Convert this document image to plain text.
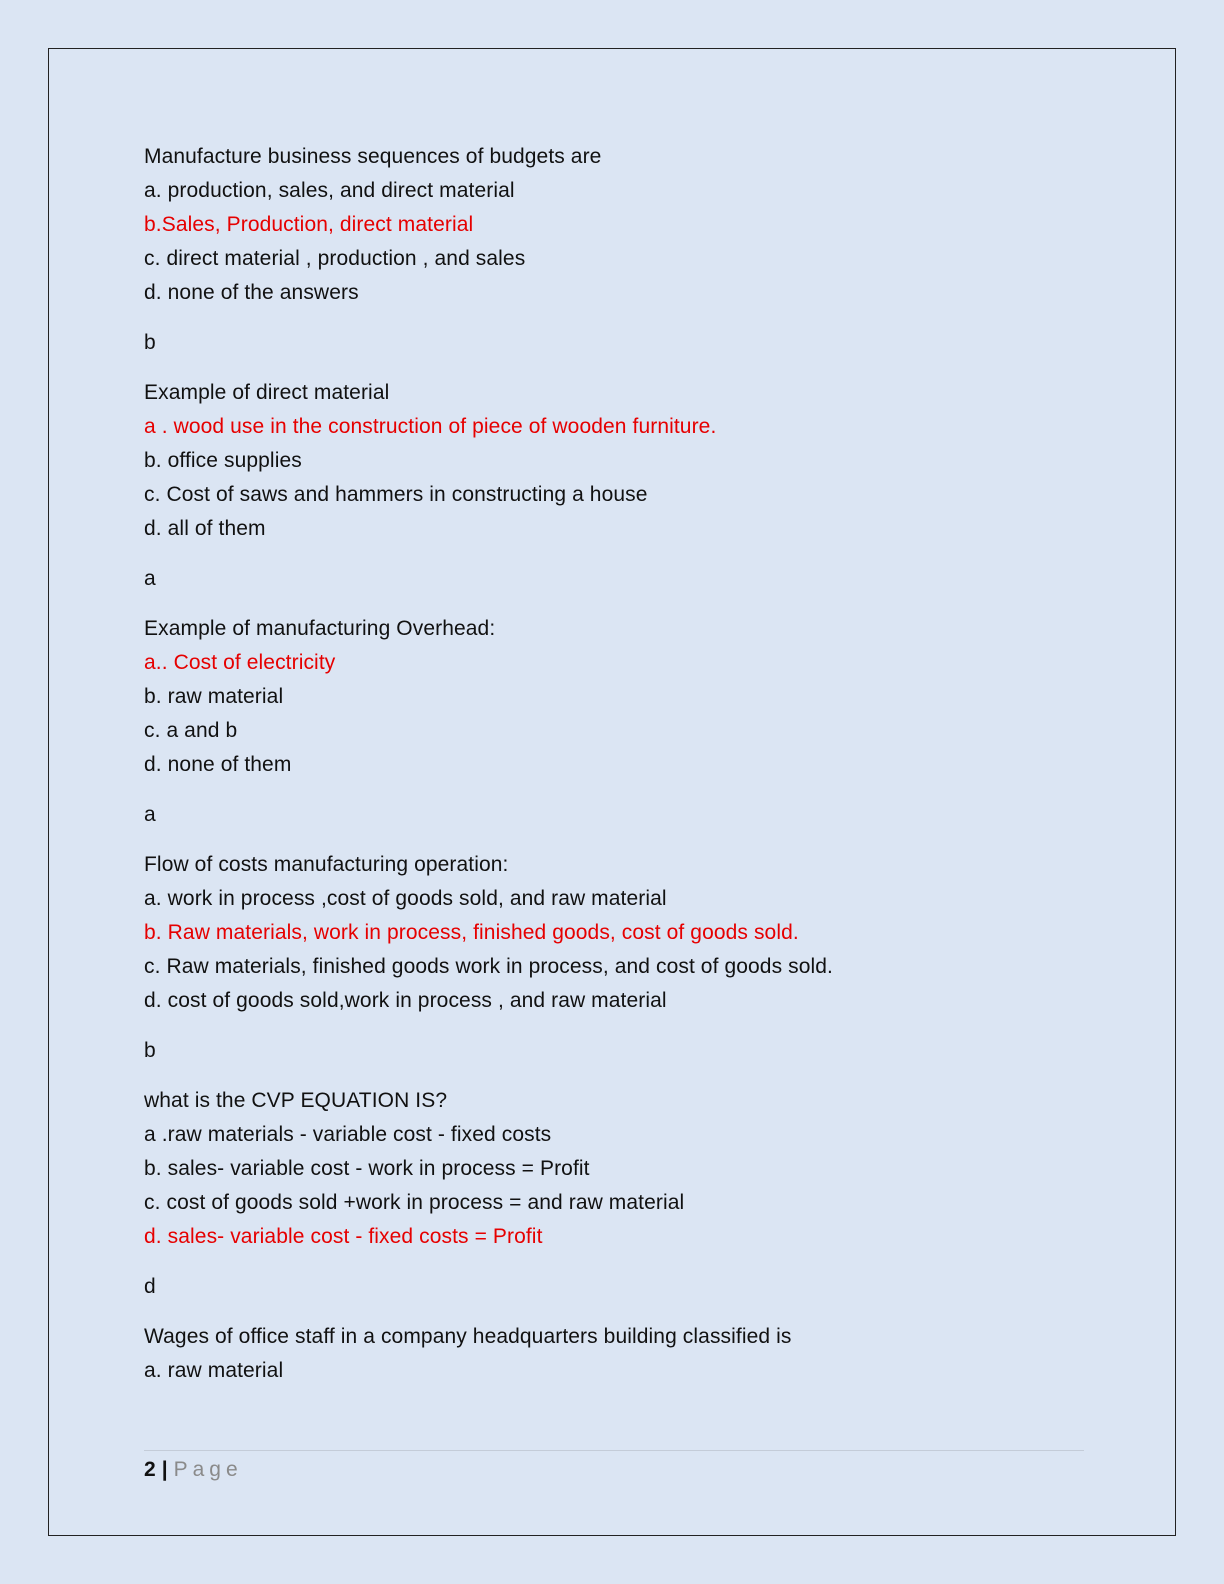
Manufacture business sequences of budgets are
a. production, sales, and direct material
b.Sales, Production, direct material
c. direct material , production , and sales
d. none of the answers
b
Example of direct material
a . wood use in the construction of piece of wooden furniture.
b. office supplies
c. Cost of saws and hammers in constructing a house
d. all of them
a
Example of manufacturing Overhead:
a.. Cost of electricity
b. raw material
c. a and b
d. none of them
a
Flow of costs manufacturing operation:
a. work in process ,cost of goods sold, and raw material
b. Raw materials, work in process, finished goods, cost of goods sold.
c. Raw materials, finished goods work in process, and cost of goods sold.
d. cost of goods sold,work in process , and raw material
b
what is the CVP EQUATION IS?
a .raw materials - variable cost - fixed costs
b. sales- variable cost - work in process = Profit
c. cost of goods sold +work in process = and raw material
d. sales- variable cost - fixed costs = Profit
d
Wages of office staff in a company headquarters building classified is
a. raw material
2 | Page
